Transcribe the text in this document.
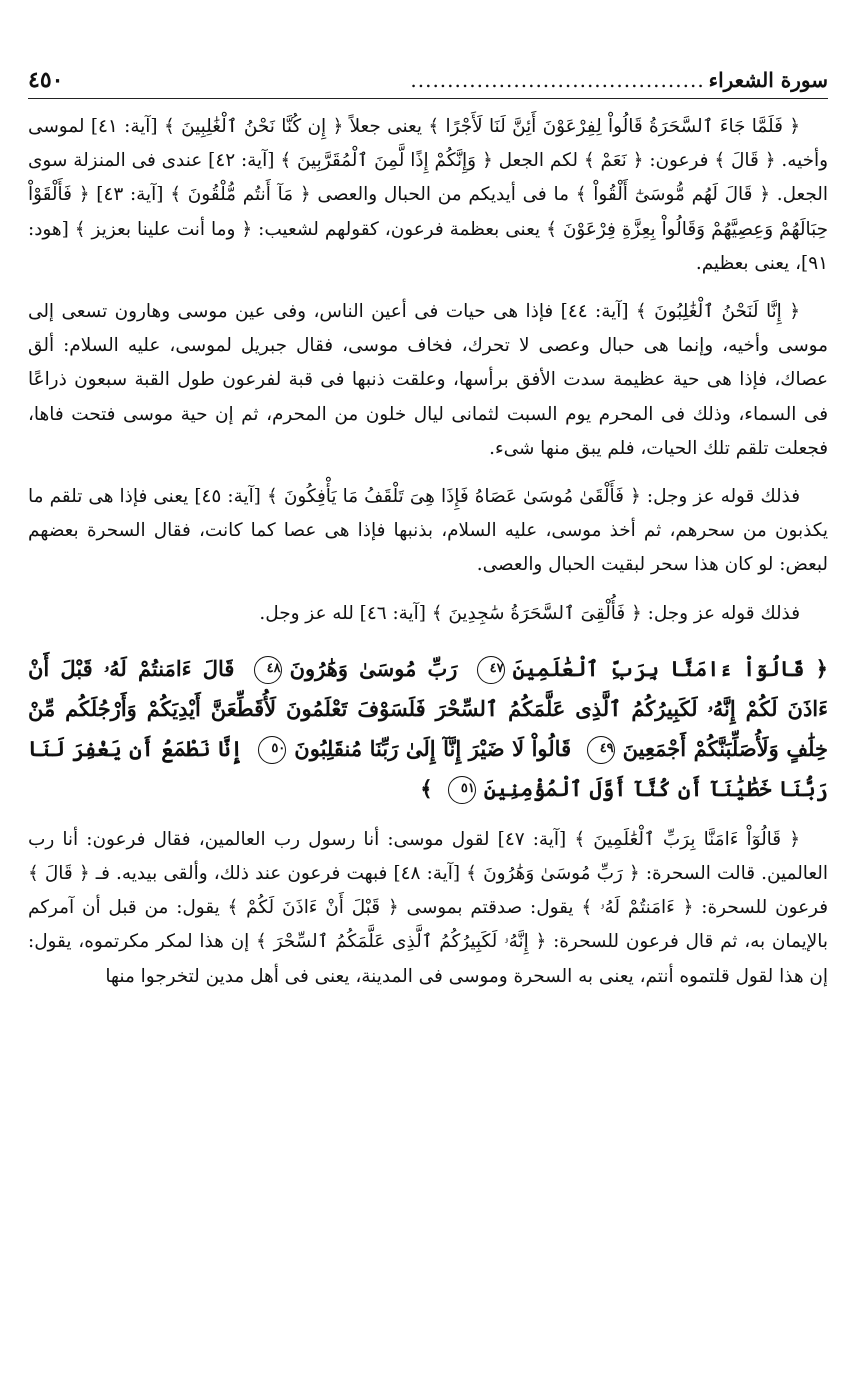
سورة الشعراء
........................................
٤٥٠

﴿ فَلَمَّا جَاءَ ٱلسَّحَرَةُ قَالُواْ لِفِرْعَوْنَ أَئِنَّ لَنَا لَأَجْرًا ﴾ يعنى جعلاً ﴿ إِن كُنَّا نَحْنُ ٱلْغَٰلِبِينَ ﴾ [آية: ٤١] لموسى وأخيه. ﴿ قَالَ ﴾ فرعون: ﴿ نَعَمْ ﴾ لكم الجعل ﴿ وَإِنَّكُمْ إِذًا لَّمِنَ ٱلْمُقَرَّبِينَ ﴾ [آية: ٤٢] عندى فى المنزلة سوى الجعل. ﴿ قَالَ لَهُم مُّوسَىٰٓ أَلْقُواْ ﴾ ما فى أيديكم من الحبال والعصى ﴿ مَآ أَنتُم مُّلْقُونَ ﴾ [آية: ٤٣] ﴿ فَأَلْقَوْاْ حِبَالَهُمْ وَعِصِيَّهُمْ وَقَالُواْ بِعِزَّةِ فِرْعَوْنَ ﴾ يعنى بعظمة فرعون، كقولهم لشعيب: ﴿ وما أنت علينا بعزيز ﴾ [هود: ٩١]، يعنى بعظيم.

﴿ إِنَّا لَنَحْنُ ٱلْغَٰلِبُونَ ﴾ [آية: ٤٤] فإذا هى حيات فى أعين الناس، وفى عين موسى وهارون تسعى إلى موسى وأخيه، وإنما هى حبال وعصى لا تحرك، فخاف موسى، فقال جبريل لموسى، عليه السلام: ألق عصاك، فإذا هى حية عظيمة سدت الأفق برأسها، وعلقت ذنبها فى قبة لفرعون طول القبة سبعون ذراعًا فى السماء، وذلك فى المحرم يوم السبت لثمانى ليال خلون من المحرم، ثم إن حية موسى فتحت فاها، فجعلت تلقم تلك الحيات، فلم يبق منها شىء.

فذلك قوله عز وجل: ﴿ فَأَلْقَىٰ مُوسَىٰ عَصَاهُ فَإِذَا هِىَ تَلْقَفُ مَا يَأْفِكُونَ ﴾ [آية: ٤٥] يعنى فإذا هى تلقم ما يكذبون من سحرهم، ثم أخذ موسى، عليه السلام، بذنبها فإذا هى عصا كما كانت، فقال السحرة بعضهم لبعض: لو كان هذا سحر لبقيت الحبال والعصى.

فذلك قوله عز وجل: ﴿ فَأُلْقِىَ ٱلسَّحَرَةُ سَٰجِدِينَ ﴾ [آية: ٤٦] لله عز وجل.

﴿ قَالُوٓاْ ءَامَنَّا بِرَبِّ ٱلْعَٰلَمِينَ٤٧ رَبِّ مُوسَىٰ وَهَٰرُونَ٤٨ قَالَ ءَامَنتُمْ لَهُۥ قَبْلَ أَنْ ءَاذَنَ لَكُمْ إِنَّهُۥ لَكَبِيرُكُمُ ٱلَّذِى عَلَّمَكُمُ ٱلسِّحْرَ فَلَسَوْفَ تَعْلَمُونَ لَأُقَطِّعَنَّ أَيْدِيَكُمْ وَأَرْجُلَكُم مِّنْ خِلَٰفٍ وَلَأُصَلِّبَنَّكُمْ أَجْمَعِينَ٤٩ قَالُواْ لَا ضَيْرَ إِنَّآ إِلَىٰ رَبِّنَا مُنقَلِبُونَ٥٠ إِنَّا نَطْمَعُ أَن يَغْفِرَ لَنَا رَبُّنَا خَطَٰيَٰنَآ أَن كُنَّآ أَوَّلَ ٱلْمُؤْمِنِينَ٥١ ﴾

﴿ قَالُوٓاْ ءَامَنَّا بِرَبِّ ٱلْعَٰلَمِينَ ﴾ [آية: ٤٧] لقول موسى: أنا رسول رب العالمين، فقال فرعون: أنا رب العالمين. قالت السحرة: ﴿ رَبِّ مُوسَىٰ وَهَٰرُونَ ﴾ [آية: ٤٨] فبهت فرعون عند ذلك، وألقى بيديه. فـ ﴿ قَالَ ﴾ فرعون للسحرة: ﴿ ءَامَنتُمْ لَهُۥ ﴾ يقول: صدقتم بموسى ﴿ قَبْلَ أَنْ ءَاذَنَ لَكُمْ ﴾ يقول: من قبل أن آمركم بالإيمان به، ثم قال فرعون للسحرة: ﴿ إِنَّهُۥ لَكَبِيرُكُمُ ٱلَّذِى عَلَّمَكُمُ ٱلسِّحْرَ ﴾ إن هذا لمكر مكرتموه، يقول: إن هذا لقول قلتموه أنتم، يعنى به السحرة وموسى فى المدينة، يعنى فى أهل مدين لتخرجوا منها
